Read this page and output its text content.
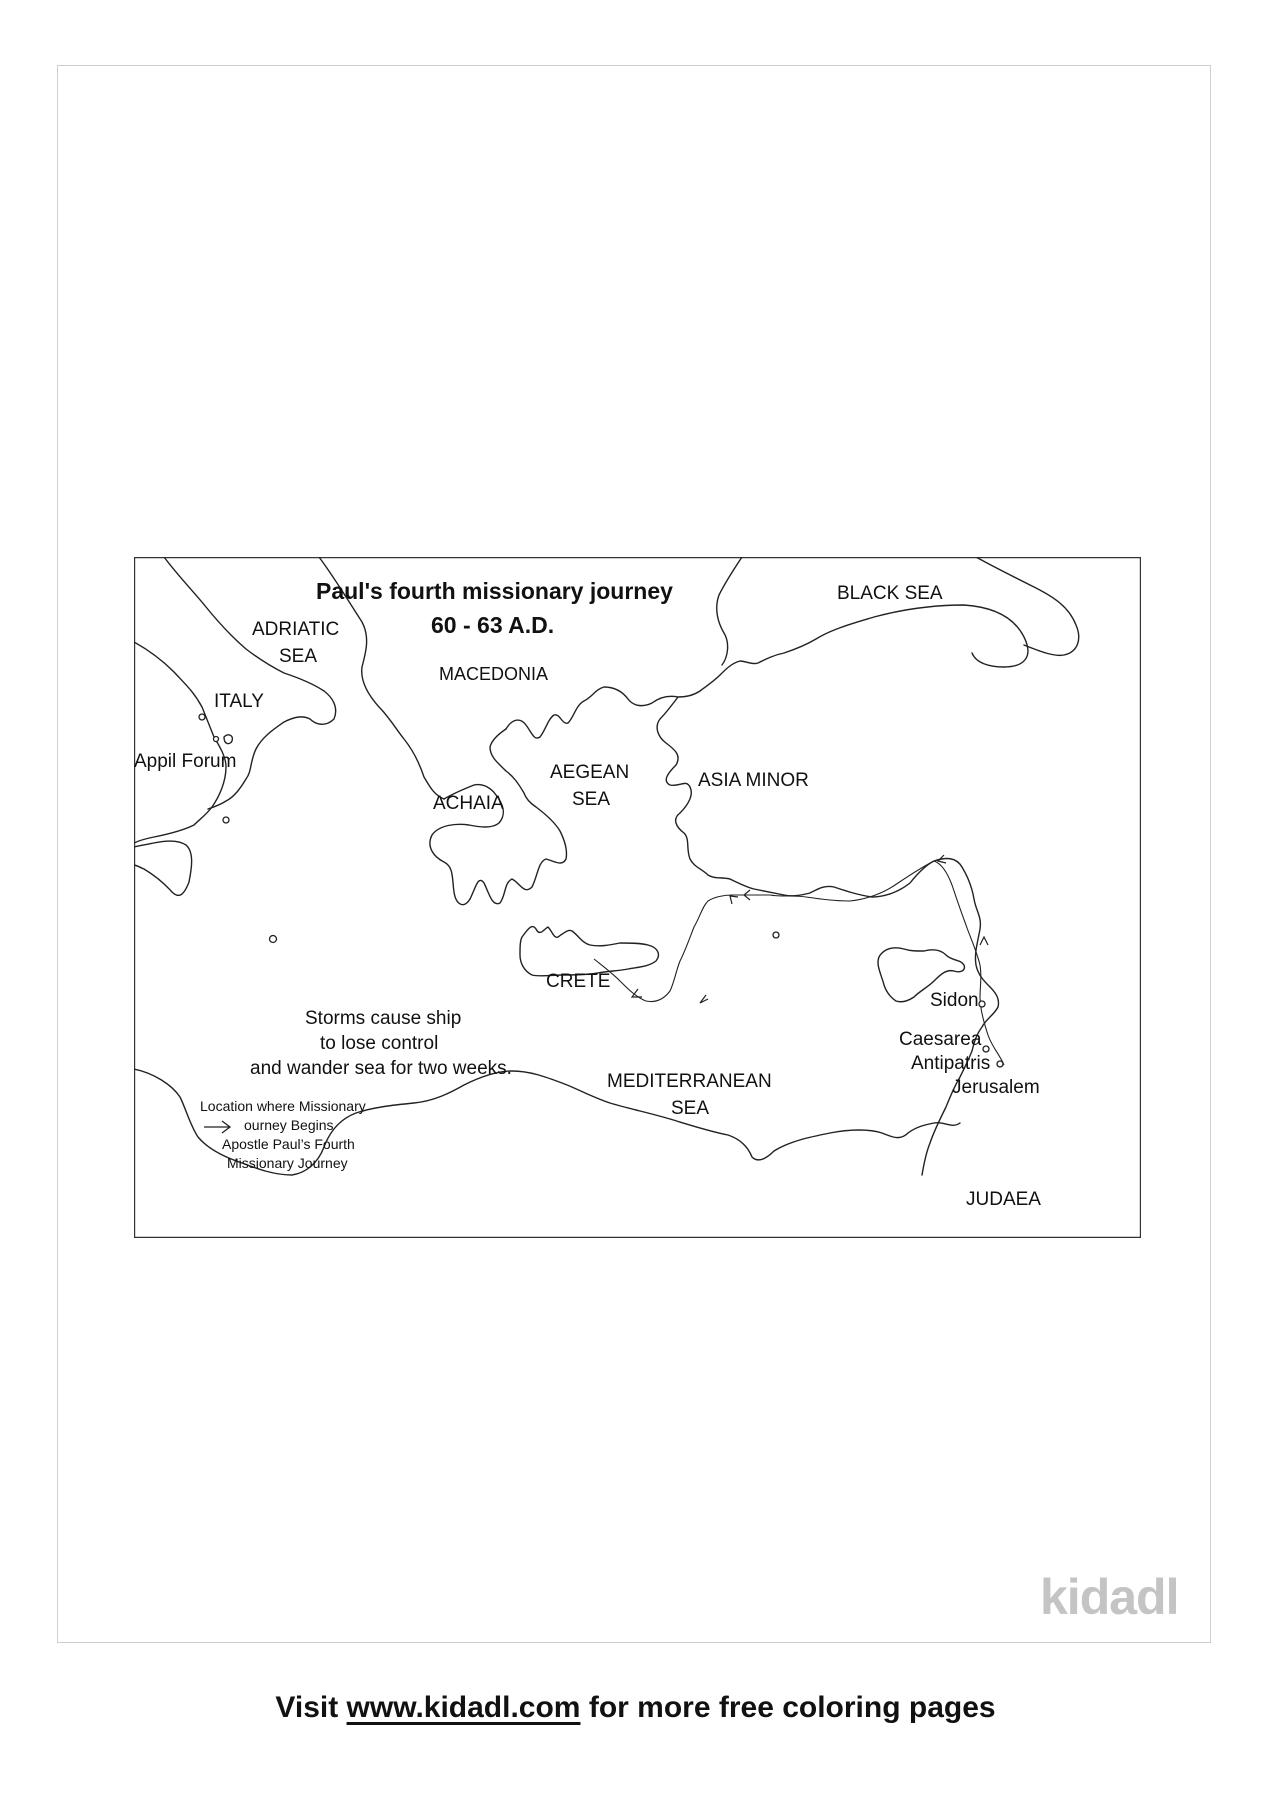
Paul's fourth missionary journey
60 - 63 A.D.
BLACK SEA
ADRIATIC
SEA
MACEDONIA
ITALY
Appil Forum
ACHAIA
AEGEAN
SEA
ASIA MINOR
CRETE
Sidon
Caesarea
Antipatris
Jerusalem
MEDITERRANEAN
SEA
JUDAEA
Storms cause ship
to lose control
and wander sea for two weeks.
Location where Missionary
ourney Begins
Apostle Paul’s Fourth
Missionary Journey
kidadl
Visit www.kidadl.com for more free coloring pages
